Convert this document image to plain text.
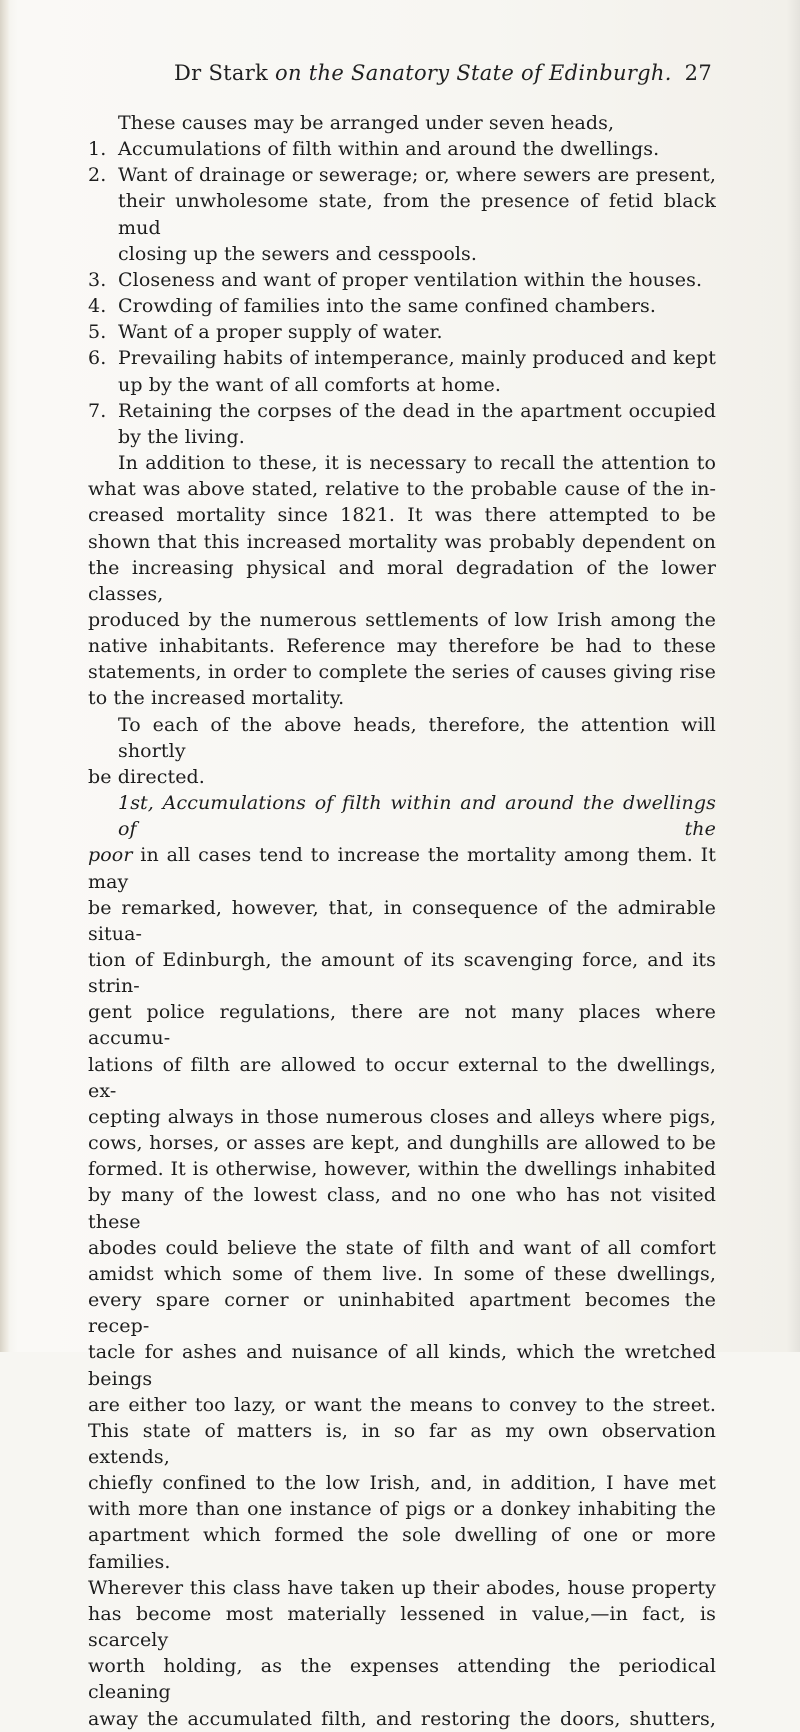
Dr Stark on the Sanatory State of Edinburgh. 27
These causes may be arranged under seven heads,
1. Accumulations of filth within and around the dwellings.
2. Want of drainage or sewerage; or, where sewers are present,
their unwholesome state, from the presence of fetid black mud
closing up the sewers and cesspools.
3. Closeness and want of proper ventilation within the houses.
4. Crowding of families into the same confined chambers.
5. Want of a proper supply of water.
6. Prevailing habits of intemperance, mainly produced and kept
up by the want of all comforts at home.
7. Retaining the corpses of the dead in the apartment occupied
by the living.
In addition to these, it is necessary to recall the attention to
what was above stated, relative to the probable cause of the in-
creased mortality since 1821. It was there attempted to be
shown that this increased mortality was probably dependent on
the increasing physical and moral degradation of the lower classes,
produced by the numerous settlements of low Irish among the
native inhabitants. Reference may therefore be had to these
statements, in order to complete the series of causes giving rise
to the increased mortality.
To each of the above heads, therefore, the attention will shortly
be directed.
1st, Accumulations of filth within and around the dwellings of the
poor in all cases tend to increase the mortality among them. It may
be remarked, however, that, in consequence of the admirable situa-
tion of Edinburgh, the amount of its scavenging force, and its strin-
gent police regulations, there are not many places where accumu-
lations of filth are allowed to occur external to the dwellings, ex-
cepting always in those numerous closes and alleys where pigs,
cows, horses, or asses are kept, and dunghills are allowed to be
formed. It is otherwise, however, within the dwellings inhabited
by many of the lowest class, and no one who has not visited these
abodes could believe the state of filth and want of all comfort
amidst which some of them live. In some of these dwellings,
every spare corner or uninhabited apartment becomes the recep-
tacle for ashes and nuisance of all kinds, which the wretched beings
are either too lazy, or want the means to convey to the street.
This state of matters is, in so far as my own observation extends,
chiefly confined to the low Irish, and, in addition, I have met
with more than one instance of pigs or a donkey inhabiting the
apartment which formed the sole dwelling of one or more families.
Wherever this class have taken up their abodes, house property
has become most materially lessened in value,—in fact, is scarcely
worth holding, as the expenses attending the periodical cleaning
away the accumulated filth, and restoring the doors, shutters,
